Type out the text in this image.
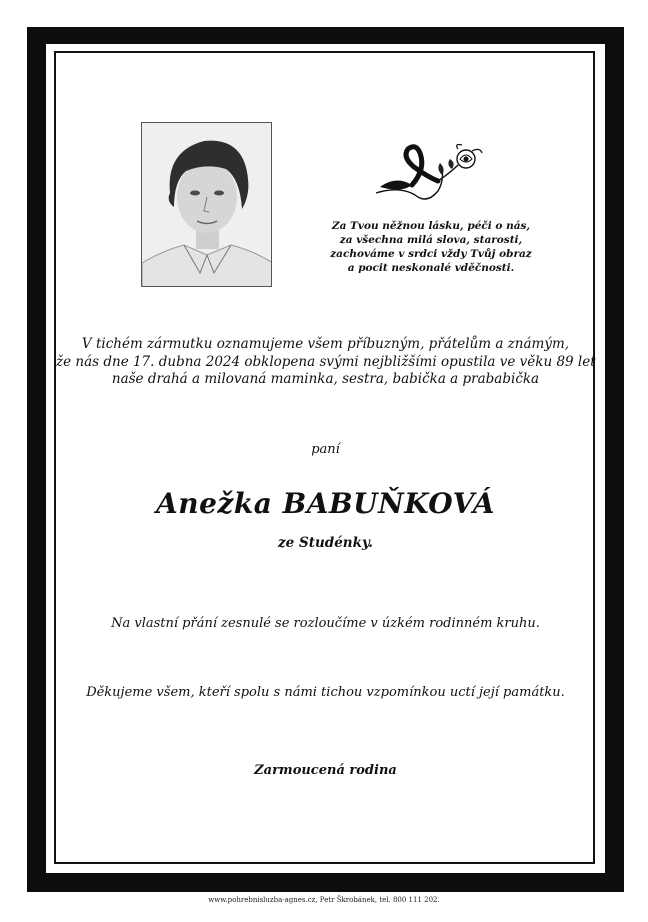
Za Tvou něžnou lásku, péči o nás,
za všechna milá slova, starosti,
zachováme v srdci vždy Tvůj obraz
a pocit neskonalé vděčnosti.
V tichém zármutku oznamujeme všem příbuzným, přátelům a známým,
že nás dne 17. dubna 2024 obklopena svými nejbližšími opustila ve věku 89 let
naše drahá a milovaná maminka, sestra, babička a prababička
paní
Anežka BABUŇKOVÁ
ze Studénky.
Na vlastní přání zesnulé se rozloučíme v úzkém rodinném kruhu.
Děkujeme všem, kteří spolu s námi tichou vzpomínkou uctí její památku.
Zarmoucená rodina
www.pohrebnisluzba-agnes.cz, Petr Škrobánek, tel. 800 111 202.
